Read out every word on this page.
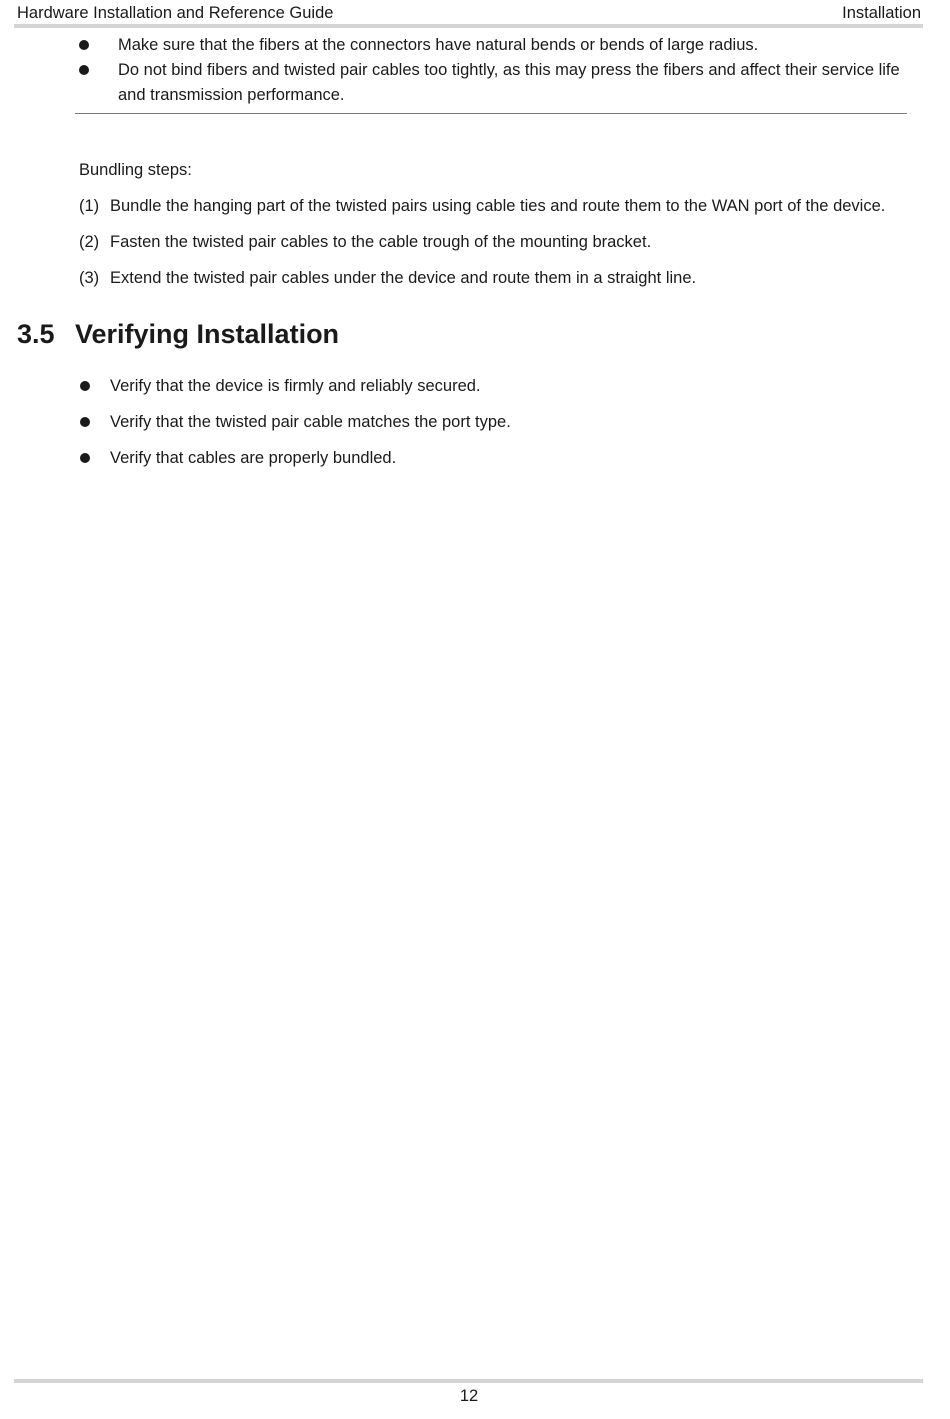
Hardware Installation and Reference Guide	Installation
Make sure that the fibers at the connectors have natural bends or bends of large radius.
Do not bind fibers and twisted pair cables too tightly, as this may press the fibers and affect their service life and transmission performance.
Bundling steps:
(1) Bundle the hanging part of the twisted pairs using cable ties and route them to the WAN port of the device.
(2) Fasten the twisted pair cables to the cable trough of the mounting bracket.
(3) Extend the twisted pair cables under the device and route them in a straight line.
3.5 Verifying Installation
Verify that the device is firmly and reliably secured.
Verify that the twisted pair cable matches the port type.
Verify that cables are properly bundled.
12
